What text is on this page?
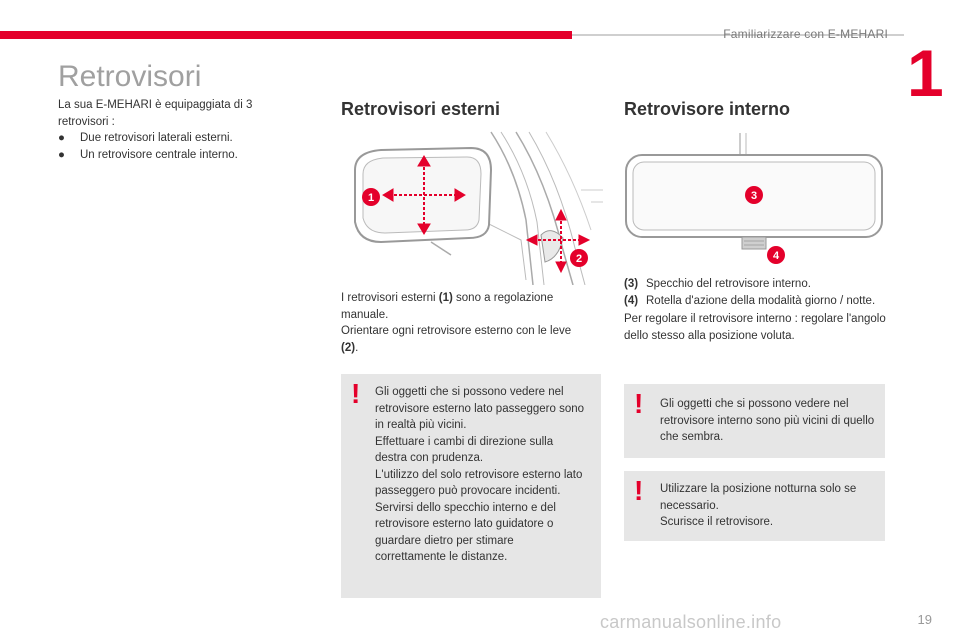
Familiarizzare con E-MEHARI
1
Retrovisori

La sua E-MEHARI è equipaggiata di 3 retrovisori :

●	Due retrovisori laterali esterni.
●	Un retrovisore centrale interno.
Retrovisori esterni
1
2

I retrovisori esterni (1) sono a regolazione manuale.

Orientare ogni retrovisore esterno con le leve (2).

! Gli oggetti che si possono vedere nel retrovisore esterno lato passeggero sono in realtà più vicini.

Effettuare i cambi di direzione sulla destra con prudenza.

L'utilizzo del solo retrovisore esterno lato passeggero può provocare incidenti.

Servirsi dello specchio interno e del retrovisore esterno lato guidatore o guardare dietro per stimare correttamente le distanze.

Retrovisore interno
3
4
(3) Specchio del retrovisore interno.
(4) Rotella d'azione della modalità giorno / notte.

Per regolare il retrovisore interno : regolare l'angolo dello stesso alla posizione voluta.

! Gli oggetti che si possono vedere nel retrovisore interno sono più vicini di quello che sembra.
! Utilizzare la posizione notturna solo se necessario.

Scurisce il retrovisore.

carmanualsonline.info	19
